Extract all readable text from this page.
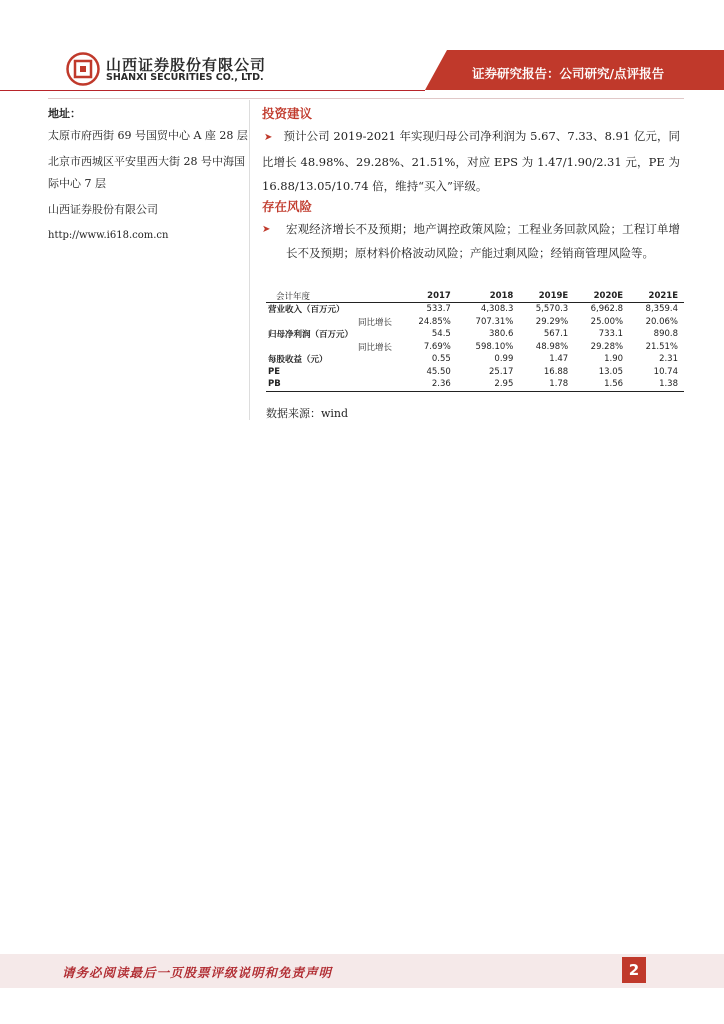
山西证券股份有限公司
SHANXI SECURITIES CO., LTD.	证券研究报告：公司研究/点评报告

地址：

太原市府西街 69 号国贸中心 A 座 28 层

北京市西城区平安里西大街 28 号中海国际中心 7 层

山西证券股份有限公司

http://www.i618.com.cn

投资建议
➤ 预计公司 2019-2021 年实现归母公司净利润为 5.67、7.33、8.91 亿元，同比增长 48.98%、29.28%、21.51%，对应 EPS 为 1.47/1.90/2.31 元，PE 为 16.88/13.05/10.74 倍，维持“买入”评级。
存在风险
➤ 宏观经济增长不及预期；地产调控政策风险；工程业务回款风险；工程订单增长不及预期；原材料价格波动风险；产能过剩风险；经销商管理风险等。
会计年度	2017	2018	2019E	2020E	2021E
营业收入（百万元）	533.7	4,308.3	5,570.3	6,962.8	8,359.4
同比增长	24.85%	707.31%	29.29%	25.00%	20.06%
归母净利润（百万元）	54.5	380.6	567.1	733.1	890.8
同比增长	7.69%	598.10%	48.98%	29.28%	21.51%
每股收益（元）	0.55	0.99	1.47	1.90	2.31
PE	45.50	25.17	16.88	13.05	10.74
PB	2.36	2.95	1.78	1.56	1.38
数据来源：wind
请务必阅读最后一页股票评级说明和免责声明	2
